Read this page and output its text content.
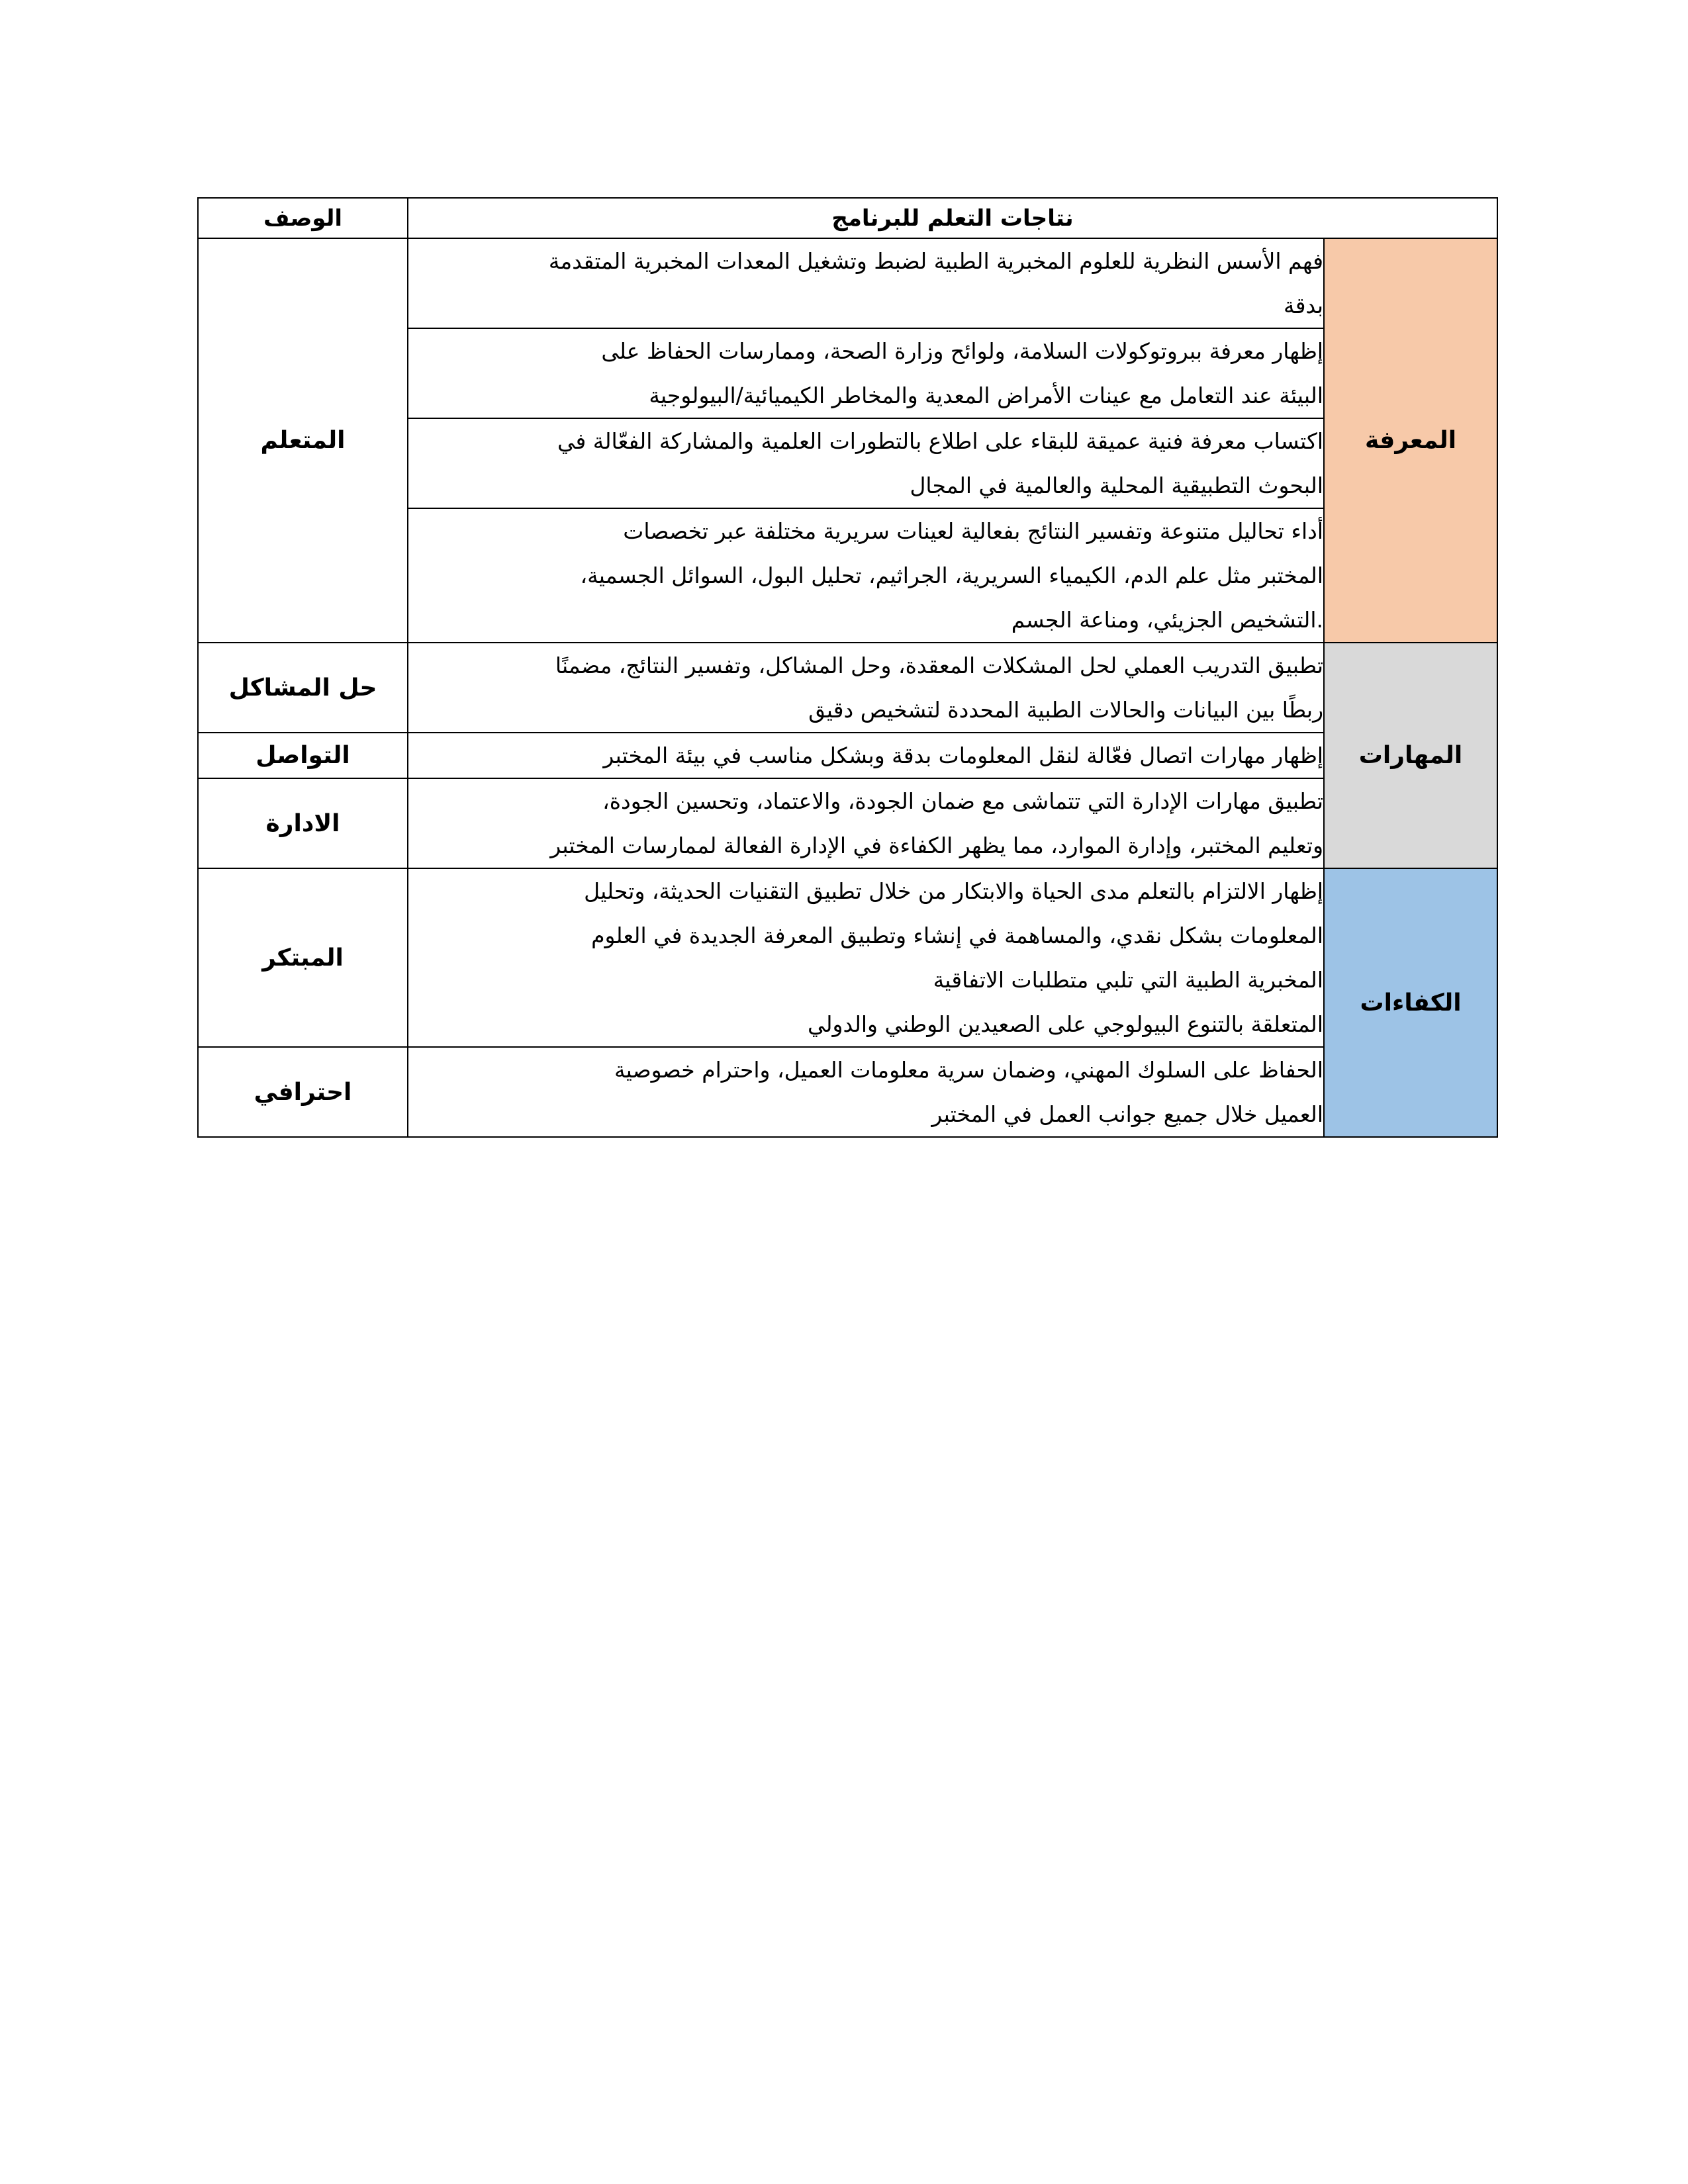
نتاجات التعلم للبرنامج		الوصف
المعرفة	فهم الأسس النظرية للعلوم المخبرية الطبية لضبط وتشغيل المعدات المخبرية المتقدمة
بدقة	المتعلم

	إظهار معرفة ببروتوكولات السلامة، ولوائح وزارة الصحة، وممارسات الحفاظ على
البيئة عند التعامل مع عينات الأمراض المعدية والمخاطر الكيميائية/البيولوجية	

	اكتساب معرفة فنية عميقة للبقاء على اطلاع بالتطورات العلمية والمشاركة الفعّالة في
البحوث التطبيقية المحلية والعالمية في المجال	

	أداء تحاليل متنوعة وتفسير النتائج بفعالية لعينات سريرية مختلفة عبر تخصصات
المختبر مثل علم الدم، الكيمياء السريرية، الجراثيم، تحليل البول، السوائل الجسمية،
.التشخيص الجزيئي، ومناعة الجسم	

المهارات	تطبيق التدريب العملي لحل المشكلات المعقدة، وحل المشاكل، وتفسير النتائج، مضمنًا
ربطًا بين البيانات والحالات الطبية المحددة لتشخيص دقيق	حل المشاكل

	إظهار مهارات اتصال فعّالة لنقل المعلومات بدقة وبشكل مناسب في بيئة المختبر	التواصل

	تطبيق مهارات الإدارة التي تتماشى مع ضمان الجودة، والاعتماد، وتحسين الجودة،
وتعليم المختبر، وإدارة الموارد، مما يظهر الكفاءة في الإدارة الفعالة لممارسات المختبر	الادارة
الكفاءات	إظهار الالتزام بالتعلم مدى الحياة والابتكار من خلال تطبيق التقنيات الحديثة، وتحليل
المعلومات بشكل نقدي، والمساهمة في إنشاء وتطبيق المعرفة الجديدة في العلوم
المخبرية الطبية التي تلبي متطلبات الاتفاقية
المتعلقة بالتنوع البيولوجي على الصعيدين الوطني والدولي	المبتكر

	الحفاظ على السلوك المهني، وضمان سرية معلومات العميل، واحترام خصوصية
العميل خلال جميع جوانب العمل في المختبر	احترافي
